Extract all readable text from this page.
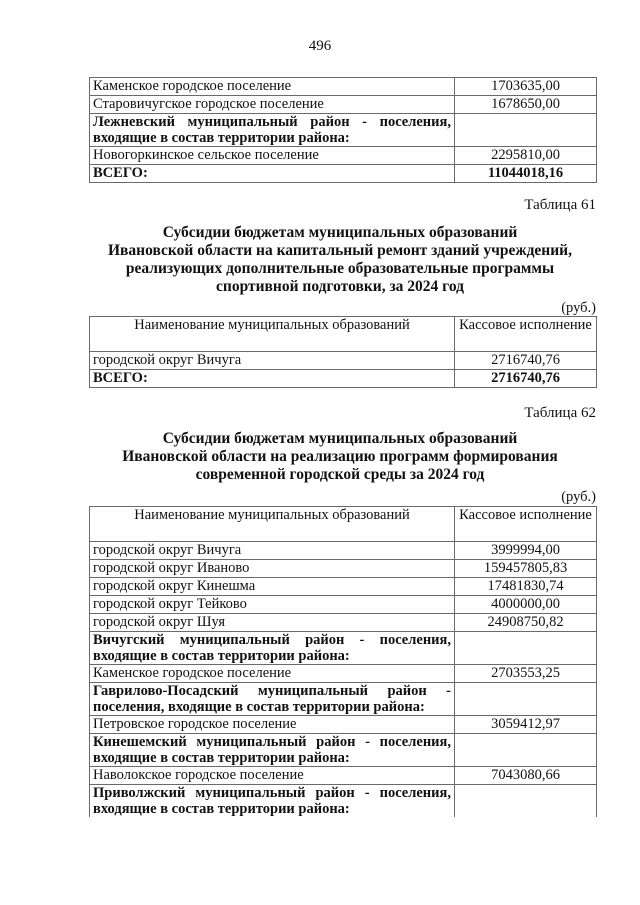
496
Каменское городское поселение	1703635,00
Старовичугское городское поселение	1678650,00
Лежневский муниципальный район - поселения, входящие в состав территории района:	
Новогоркинское сельское поселение	2295810,00
ВСЕГО:	11044018,16
Таблица 61
Субсидии бюджетам муниципальных образований
Ивановской области на капитальный ремонт зданий учреждений,
реализующих дополнительные образовательные программы
спортивной подготовки, за 2024 год
(руб.)
Наименование муниципальных образований	Кассовое исполнение
городской округ Вичуга	2716740,76
ВСЕГО:	2716740,76
Таблица 62
Субсидии бюджетам муниципальных образований
Ивановской области на реализацию программ формирования
современной городской среды за 2024 год
(руб.)
Наименование муниципальных образований	Кассовое исполнение
городской округ Вичуга	3999994,00
городской округ Иваново	159457805,83
городской округ Кинешма	17481830,74
городской округ Тейково	4000000,00
городской округ Шуя	24908750,82
Вичугский муниципальный район - поселения, входящие в состав территории района:	
Каменское городское поселение	2703553,25
Гаврилово-Посадский муниципальный район - поселения, входящие в состав территории района:	
Петровское городское поселение	3059412,97
Кинешемский муниципальный район - поселения, входящие в состав территории района:	
Наволокское городское поселение	7043080,66
Приволжский муниципальный район - поселения, входящие в состав территории района:	
